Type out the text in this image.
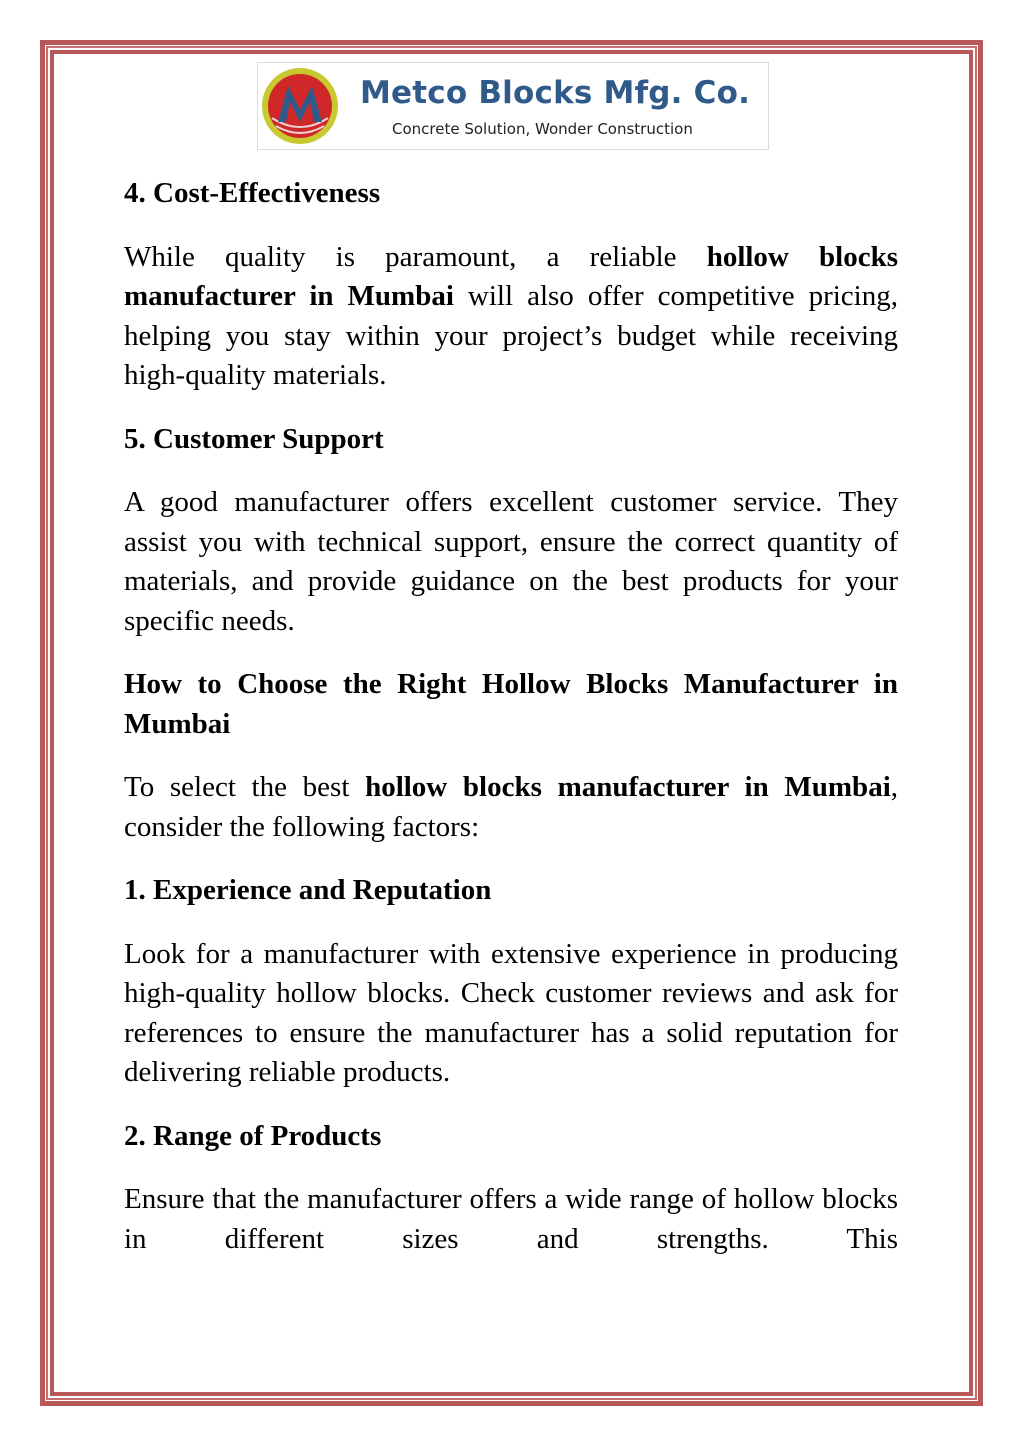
Metco Blocks Mfg. Co.
Concrete Solution, Wonder Construction
4. Cost-Effectiveness

While quality is paramount, a reliable hollow blocks manufacturer in Mumbai will also offer competitive pricing, helping you stay within your project’s budget while receiving high-quality materials.

5. Customer Support

A good manufacturer offers excellent customer service. They assist you with technical support, ensure the correct quantity of materials, and provide guidance on the best products for your specific needs.

How to Choose the Right Hollow Blocks Manufacturer in Mumbai

To select the best hollow blocks manufacturer in Mumbai, consider the following factors:

1. Experience and Reputation

Look for a manufacturer with extensive experience in producing high-quality hollow blocks. Check customer reviews and ask for references to ensure the manufacturer has a solid reputation for delivering reliable products.

2. Range of Products

Ensure that the manufacturer offers a wide range of hollow blocks in different sizes and strengths. This
